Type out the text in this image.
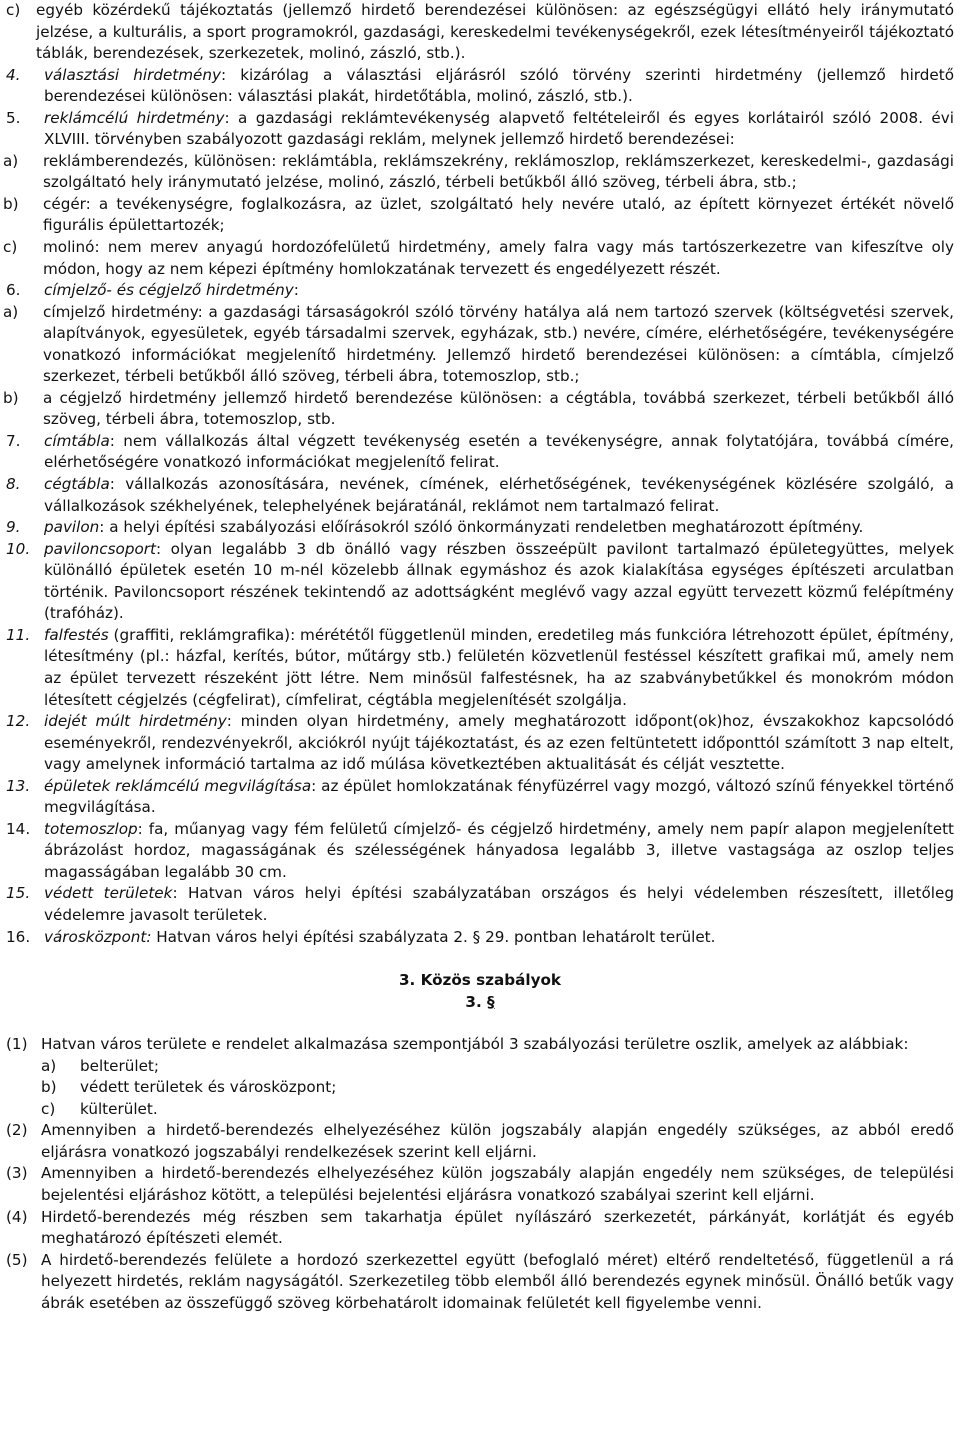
c)	egyéb közérdekű tájékoztatás (jellemző hirdető berendezései különösen: az egészségügyi ellátó hely iránymutató jelzése, a kulturális, a sport programokról, gazdasági, kereskedelmi tevékenységekről, ezek létesítményeiről tájékoztató táblák, berendezések, szerkezetek, molinó, zászló, stb.).
4.	választási hirdetmény: kizárólag a választási eljárásról szóló törvény szerinti hirdetmény (jellemző hirdető berendezései különösen: választási plakát, hirdetőtábla, molinó, zászló, stb.).
5.	reklámcélú hirdetmény: a gazdasági reklámtevékenység alapvető feltételeiről és egyes korlátairól szóló 2008. évi XLVIII. törvényben szabályozott gazdasági reklám, melynek jellemző hirdető berendezései:
a)	reklámberendezés, különösen: reklámtábla, reklámszekrény, reklámoszlop, reklámszerkezet, kereskedelmi-, gazdasági szolgáltató hely iránymutató jelzése, molinó, zászló, térbeli betűkből álló szöveg, térbeli ábra, stb.;
b)	cégér: a tevékenységre, foglalkozásra, az üzlet, szolgáltató hely nevére utaló, az épített környezet értékét növelő figurális épülettartozék;
c)	molinó: nem merev anyagú hordozófelületű hirdetmény, amely falra vagy más tartószerkezetre van kifeszítve oly módon, hogy az nem képezi építmény homlokzatának tervezett és engedélyezett részét.
6.	címjelző- és cégjelző hirdetmény:
a)	címjelző hirdetmény: a gazdasági társaságokról szóló törvény hatálya alá nem tartozó szervek (költségvetési szervek, alapítványok, egyesületek, egyéb társadalmi szervek, egyházak, stb.) nevére, címére, elérhetőségére, tevékenységére vonatkozó információkat megjelenítő hirdetmény. Jellemző hirdető berendezései különösen: a címtábla, címjelző szerkezet, térbeli betűkből álló szöveg, térbeli ábra, totemoszlop, stb.;
b)	a cégjelző hirdetmény jellemző hirdető berendezése különösen: a cégtábla, továbbá szerkezet, térbeli betűkből álló szöveg, térbeli ábra, totemoszlop, stb.
7.	címtábla: nem vállalkozás által végzett tevékenység esetén a tevékenységre, annak folytatójára, továbbá címére, elérhetőségére vonatkozó információkat megjelenítő felirat.
8.	cégtábla: vállalkozás azonosítására, nevének, címének, elérhetőségének, tevékenységének közlésére szolgáló, a vállalkozások székhelyének, telephelyének bejáratánál, reklámot nem tartalmazó felirat.
9.	pavilon: a helyi építési szabályozási előírásokról szóló önkormányzati rendeletben meghatározott építmény.
10. paviloncsoport: olyan legalább 3 db önálló vagy részben összeépült pavilont tartalmazó épületegyüttes, melyek különálló épületek esetén 10 m-nél közelebb állnak egymáshoz és azok kialakítása egységes építészeti arculatban történik. Paviloncsoport részének tekintendő az adottságként meglévő vagy azzal együtt tervezett közmű felépítmény (trafóház).
11. falfestés (graffiti, reklámgrafika): mérététől függetlenül minden, eredetileg más funkcióra létrehozott épület, építmény, létesítmény (pl.: házfal, kerítés, bútor, műtárgy stb.) felületén közvetlenül festéssel készített grafikai mű, amely nem az épület tervezett részeként jött létre. Nem minősül falfestésnek, ha az szabványbetűkkel és monokróm módon létesített cégjelzés (cégfelirat), címfelirat, cégtábla megjelenítését szolgálja.
12. idejét múlt hirdetmény: minden olyan hirdetmény, amely meghatározott időpont(ok)hoz, évszakokhoz kapcsolódó eseményekről, rendezvényekről, akciókról nyújt tájékoztatást, és az ezen feltüntetett időponttól számított 3 nap eltelt, vagy amelynek információ tartalma az idő múlása következtében aktualitását és célját vesztette.
13. épületek reklámcélú megvilágítása: az épület homlokzatának fényfüzérrel vagy mozgó, változó színű fényekkel történő megvilágítása.
14. totemoszlop: fa, műanyag vagy fém felületű címjelző- és cégjelző hirdetmény, amely nem papír alapon megjelenített ábrázolást hordoz, magasságának és szélességének hányadosa legalább 3, illetve vastagsága az oszlop teljes magasságában legalább 30 cm.
15. védett területek: Hatvan város helyi építési szabályzatában országos és helyi védelemben részesített, illetőleg védelemre javasolt területek.
16. városközpont: Hatvan város helyi építési szabályzata 2. § 29. pontban lehatárolt terület.
3. Közös szabályok
3. §
(1) Hatvan város területe e rendelet alkalmazása szempontjából 3 szabályozási területre oszlik, amelyek az alábbiak:
a)	belterület;
b)	védett területek és városközpont;
c)	külterület.
(2) Amennyiben a hirdető-berendezés elhelyezéséhez külön jogszabály alapján engedély szükséges, az abból eredő eljárásra vonatkozó jogszabályi rendelkezések szerint kell eljárni.
(3) Amennyiben a hirdető-berendezés elhelyezéséhez külön jogszabály alapján engedély nem szükséges, de települési bejelentési eljáráshoz kötött, a települési bejelentési eljárásra vonatkozó szabályai szerint kell eljárni.
(4) Hirdető-berendezés még részben sem takarhatja épület nyílászáró szerkezetét, párkányát, korlátját és egyéb meghatározó építészeti elemét.
(5) A hirdető-berendezés felülete a hordozó szerkezettel együtt (befoglaló méret) eltérő rendeltetéső, függetlenül a rá helyezett hirdetés, reklám nagyságától. Szerkezetileg több elemből álló berendezés egynek minősül. Önálló betűk vagy ábrák esetében az összefüggő szöveg körbehatárolt idomainak felületét kell figyelembe venni.
